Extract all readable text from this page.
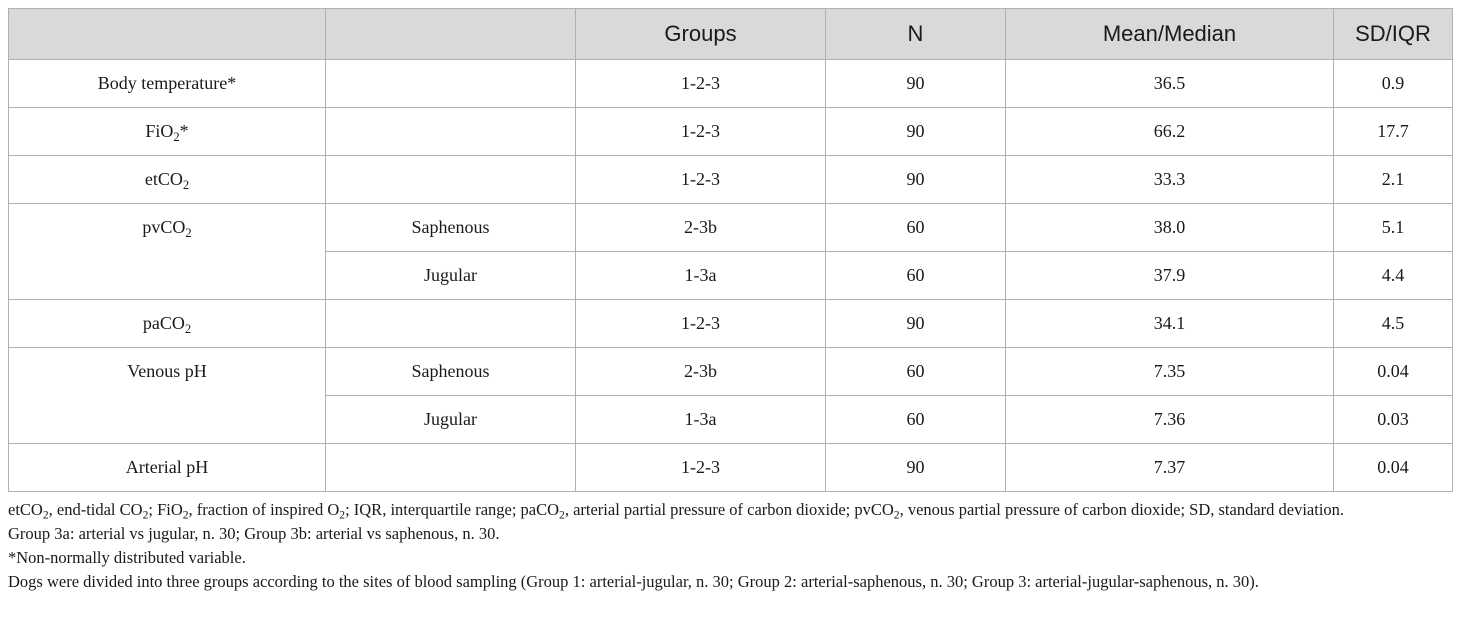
		Groups	N	Mean/Median	SD/IQR
Body temperature*		1-2-3	90	36.5	0.9
FiO$_2$*		1-2-3	90	66.2	17.7
etCO$_2$		1-2-3	90	33.3	2.1
pvCO$_2$	Saphenous	2-3b	60	38.0	5.1
	Jugular	1-3a	60	37.9	4.4
paCO$_2$		1-2-3	90	34.1	4.5
Venous pH	Saphenous	2-3b	60	7.35	0.04
	Jugular	1-3a	60	7.36	0.03
Arterial pH		1-2-3	90	7.37	0.04

etCO$_2$, end-tidal $CO_2$; FiO$_2$, fraction of inspired $O_2$; IQR, interquartile range; paCO$_2$, arterial partial pressure of carbon dioxide; pvCO$_2$, venous partial pressure of carbon dioxide; SD, standard deviation.

Group 3a: arterial vs jugular, n. 30; Group 3b: arterial vs saphenous, n. 30.

*Non-normally distributed variable.

Dogs were divided into three groups according to the sites of blood sampling (Group 1: arterial-jugular, n. 30; Group 2: arterial-saphenous, n. 30; Group 3: arterial-jugular-saphenous, n. 30).
